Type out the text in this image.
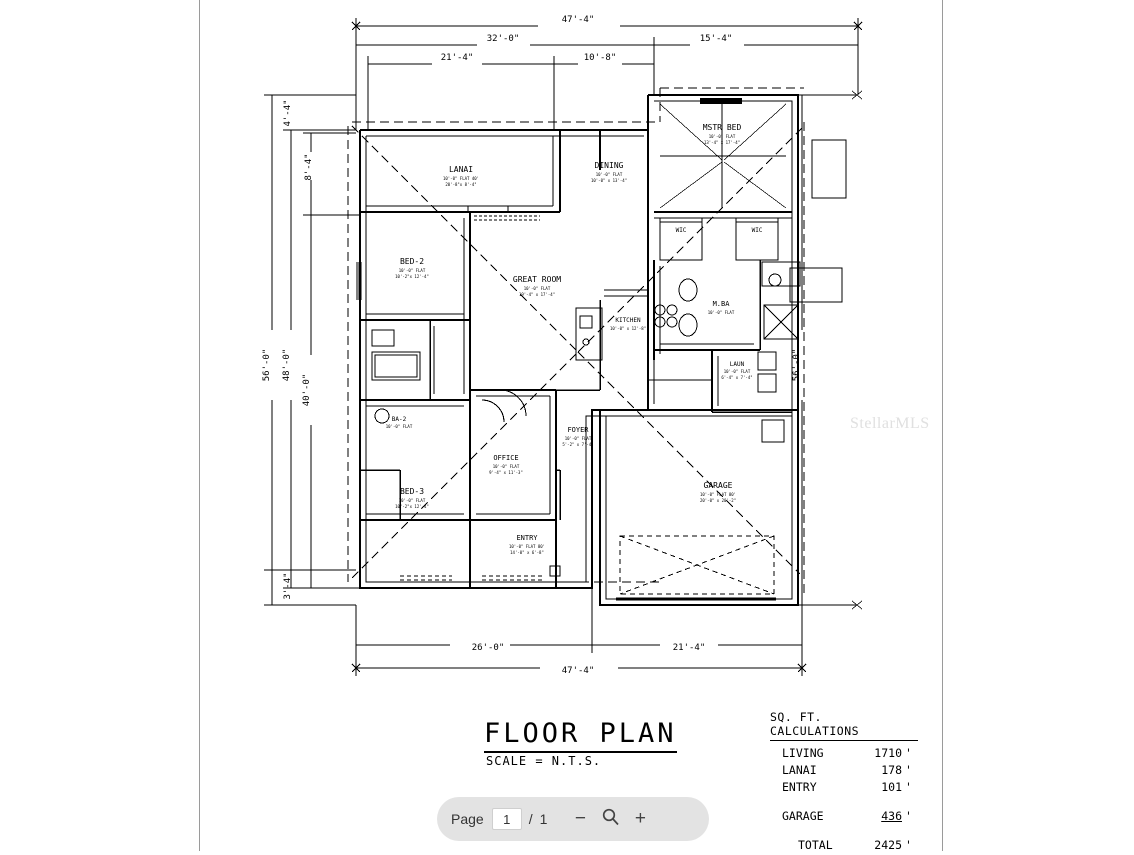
47'-4"
32'-0"	15'-4"
21'-4"	10'-8"
26'-0"	21'-4"
47'-4"
56'-0" 48'-0"
40'-0"
4'-4"
8'-4"
3'-4"
56'-0"
LANAI
10'-0" FLAT 40'
20'-8"x 8'-4"
DINING
10'-0" FLAT
10'-0" x 13'-4"
MSTR BED
10'-0" FLAT
13'-4" x 17'-4"
BED-2
10'-0" FLAT
10'-2"x 12'-4"	GREAT ROOM
10'-0" FLAT
19'-4" x 17'-4"
KITCHEN
10'-0" x 12'-8"
WIC	WIC
M.BA
10'-0" FLAT
LAUN
10'-0" FLAT
6'-4" x 7'-4"
BA-2
10'-0" FLAT	FOYER
10'-0" FLAT
5'-2" x 7'-4"
OFFICE
10'-0" FLAT
9'-4" x 11'-3"
BED-3
10'-0" FLAT
10'-2"x 12'-4"
ENTRY
10'-0" FLAT 80'
14'-0" x 6'-8"
GARAGE
10'-0" FLAT 80'
20'-0" x 20'-2"
StellarMLS
FLOOR PLAN
SCALE = N.T.S.
SQ. FT. CALCULATIONS
LIVING	1710 '
LANAI	178 '
ENTRY	101 '
GARAGE	436 '
TOTAL	2425 '
Page	1	/ 1	−	+
